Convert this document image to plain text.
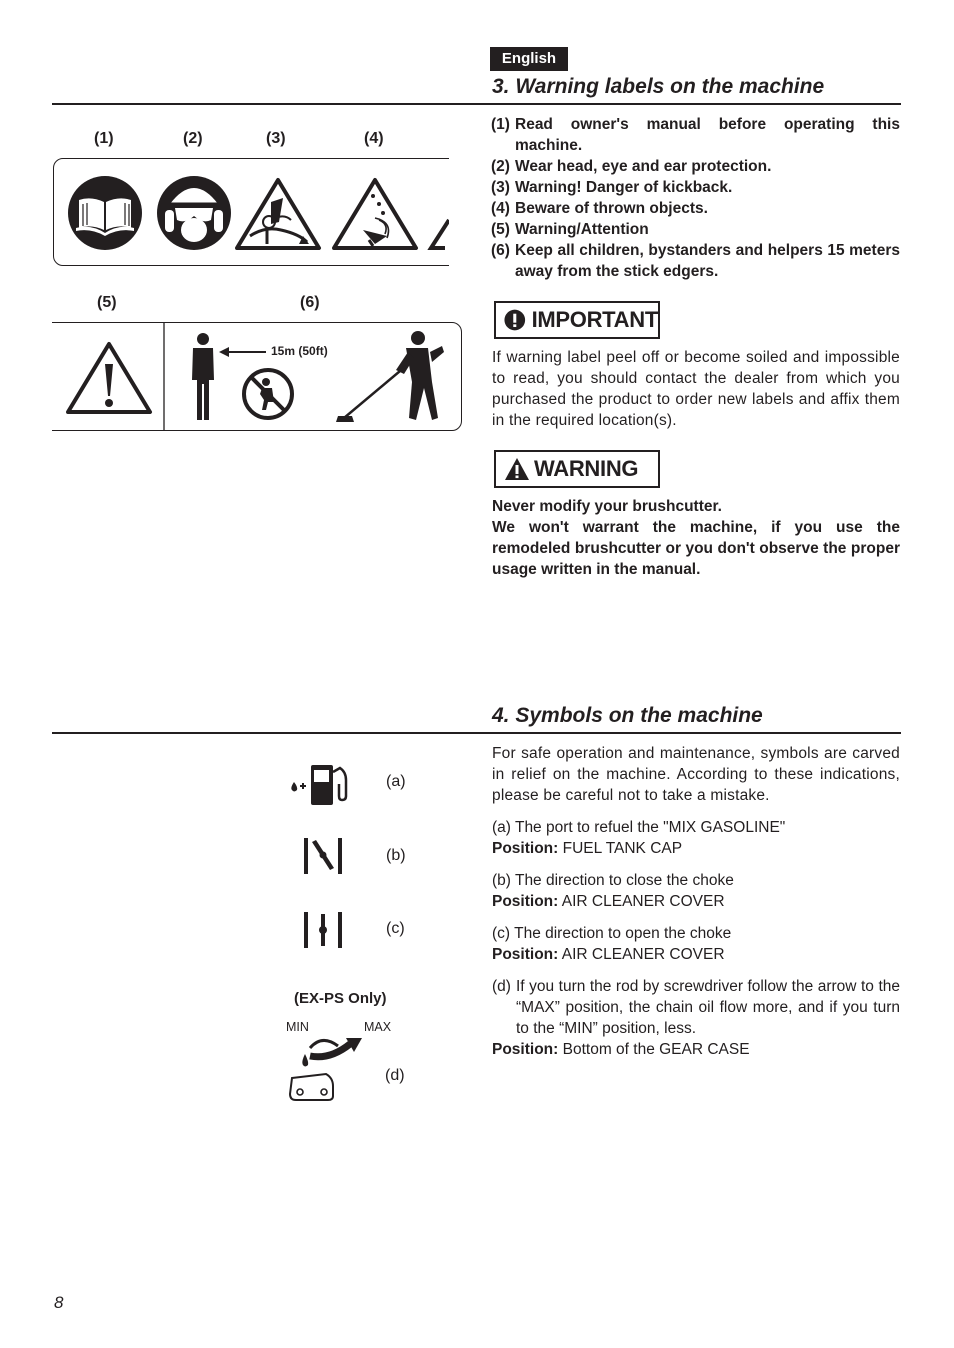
English
3. Warning labels on the machine
(1)	(2)	(3)	(4)
(5)	(6)
15m (50ft)
(1) Read owner's manual before operating this machine.
(2) Wear head, eye and ear protection.
(3) Warning! Danger of kickback.
(4) Beware of thrown objects.
(5) Warning/Attention
(6) Keep all children, bystanders and helpers 15 meters away from the stick edgers.
IMPORTANT

If warning label peel off or become soiled and impossible to read, you should contact the dealer from which you purchased the product to order new labels and affix them in the required location(s).

WARNING

Never modify your brushcutter.

We won't warrant the machine, if you use the remodeled brushcutter or you don't observe the proper usage written in the manual.

4. Symbols on the machine
(a)
(b)
(c)
(EX-PS Only)
MIN	MAX
(d)

For safe operation and maintenance, symbols are carved in relief on the machine. According to these indications, please be careful not to take a mistake.

(a) The port to refuel the "MIX GASOLINE"

Position: FUEL TANK CAP

(b) The direction to close the choke

Position: AIR CLEANER COVER

(c) The direction to open the choke

Position: AIR CLEANER COVER

(d) If you turn the rod by screwdriver follow the arrow to the “MAX” position, the chain oil flow more, and if you turn to the “MIN” position, less.

Position: Bottom of the GEAR CASE

8
